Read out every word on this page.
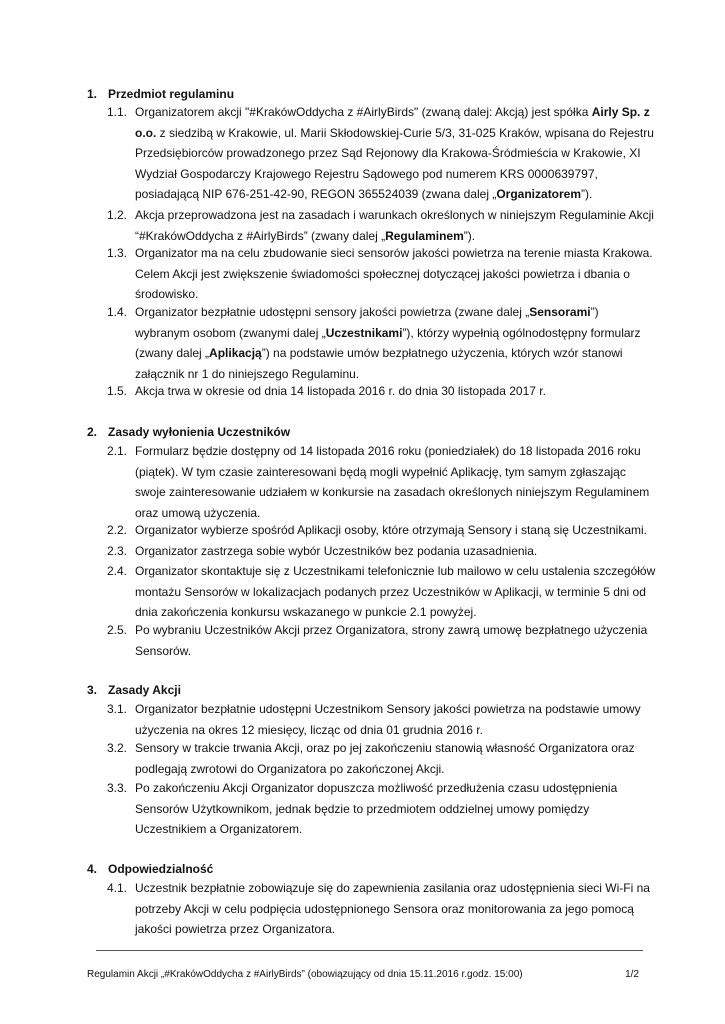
1. Przedmiot regulaminu
1.1. Organizatorem akcji "#KrakówOddycha z #AirlyBirds" (zwaną dalej: Akcją) jest spółka Airly Sp. z
o.o. z siedzibą w Krakowie, ul. Marii Skłodowskiej-Curie 5/3, 31-025 Kraków, wpisana do Rejestru
Przedsiębiorców prowadzonego przez Sąd Rejonowy dla Krakowa-Śródmieścia w Krakowie, XI
Wydział Gospodarczy Krajowego Rejestru Sądowego pod numerem KRS 0000639797,
posiadającą NIP 676-251-42-90, REGON 365524039 (zwana dalej „Organizatorem”).
1.2. Akcja przeprowadzona jest na zasadach i warunkach określonych w niniejszym Regulaminie Akcji
“#KrakówOddycha z #AirlyBirds” (zwany dalej „Regulaminem”).
1.3. Organizator ma na celu zbudowanie sieci sensorów jakości powietrza na terenie miasta Krakowa.
Celem Akcji jest zwiększenie świadomości społecznej dotyczącej jakości powietrza i dbania o
środowisko.
1.4. Organizator bezpłatnie udostępni sensory jakości powietrza (zwane dalej „Sensorami”)
wybranym osobom (zwanymi dalej „Uczestnikami”), którzy wypełnią ogólnodostępny formularz
(zwany dalej „Aplikacją”) na podstawie umów bezpłatnego użyczenia, których wzór stanowi
załącznik nr 1 do niniejszego Regulaminu.
1.5. Akcja trwa w okresie od dnia 14 listopada 2016 r. do dnia 30 listopada 2017 r.
2. Zasady wyłonienia Uczestników
2.1. Formularz będzie dostępny od 14 listopada 2016 roku (poniedziałek) do 18 listopada 2016 roku
(piątek). W tym czasie zainteresowani będą mogli wypełnić Aplikację, tym samym zgłaszając
swoje zainteresowanie udziałem w konkursie na zasadach określonych niniejszym Regulaminem
oraz umową użyczenia.
2.2. Organizator wybierze spośród Aplikacji osoby, które otrzymają Sensory i staną się Uczestnikami.
2.3. Organizator zastrzega sobie wybór Uczestników bez podania uzasadnienia.
2.4. Organizator skontaktuje się z Uczestnikami telefonicznie lub mailowo w celu ustalenia szczegółów
montażu Sensorów w lokalizacjach podanych przez Uczestników w Aplikacji, w terminie 5 dni od
dnia zakończenia konkursu wskazanego w punkcie 2.1 powyżej.
2.5. Po wybraniu Uczestników Akcji przez Organizatora, strony zawrą umowę bezpłatnego użyczenia
Sensorów.
3. Zasady Akcji
3.1. Organizator bezpłatnie udostępni Uczestnikom Sensory jakości powietrza na podstawie umowy
użyczenia na okres 12 miesięcy, licząc od dnia 01 grudnia 2016 r.
3.2. Sensory w trakcie trwania Akcji, oraz po jej zakończeniu stanowią własność Organizatora oraz
podlegają zwrotowi do Organizatora po zakończonej Akcji.
3.3. Po zakończeniu Akcji Organizator dopuszcza możliwość przedłużenia czasu udostępnienia
Sensorów Użytkownikom, jednak będzie to przedmiotem oddzielnej umowy pomiędzy
Uczestnikiem a Organizatorem.
4. Odpowiedzialność
4.1. Uczestnik bezpłatnie zobowiązuje się do zapewnienia zasilania oraz udostępnienia sieci Wi-Fi na
potrzeby Akcji w celu podpięcia udostępnionego Sensora oraz monitorowania za jego pomocą
jakości powietrza przez Organizatora.
Regulamin Akcji „#KrakówOddycha z #AirlyBirds” (obowiązujący od dnia 15.11.2016 r.godz. 15:00)	1/2
